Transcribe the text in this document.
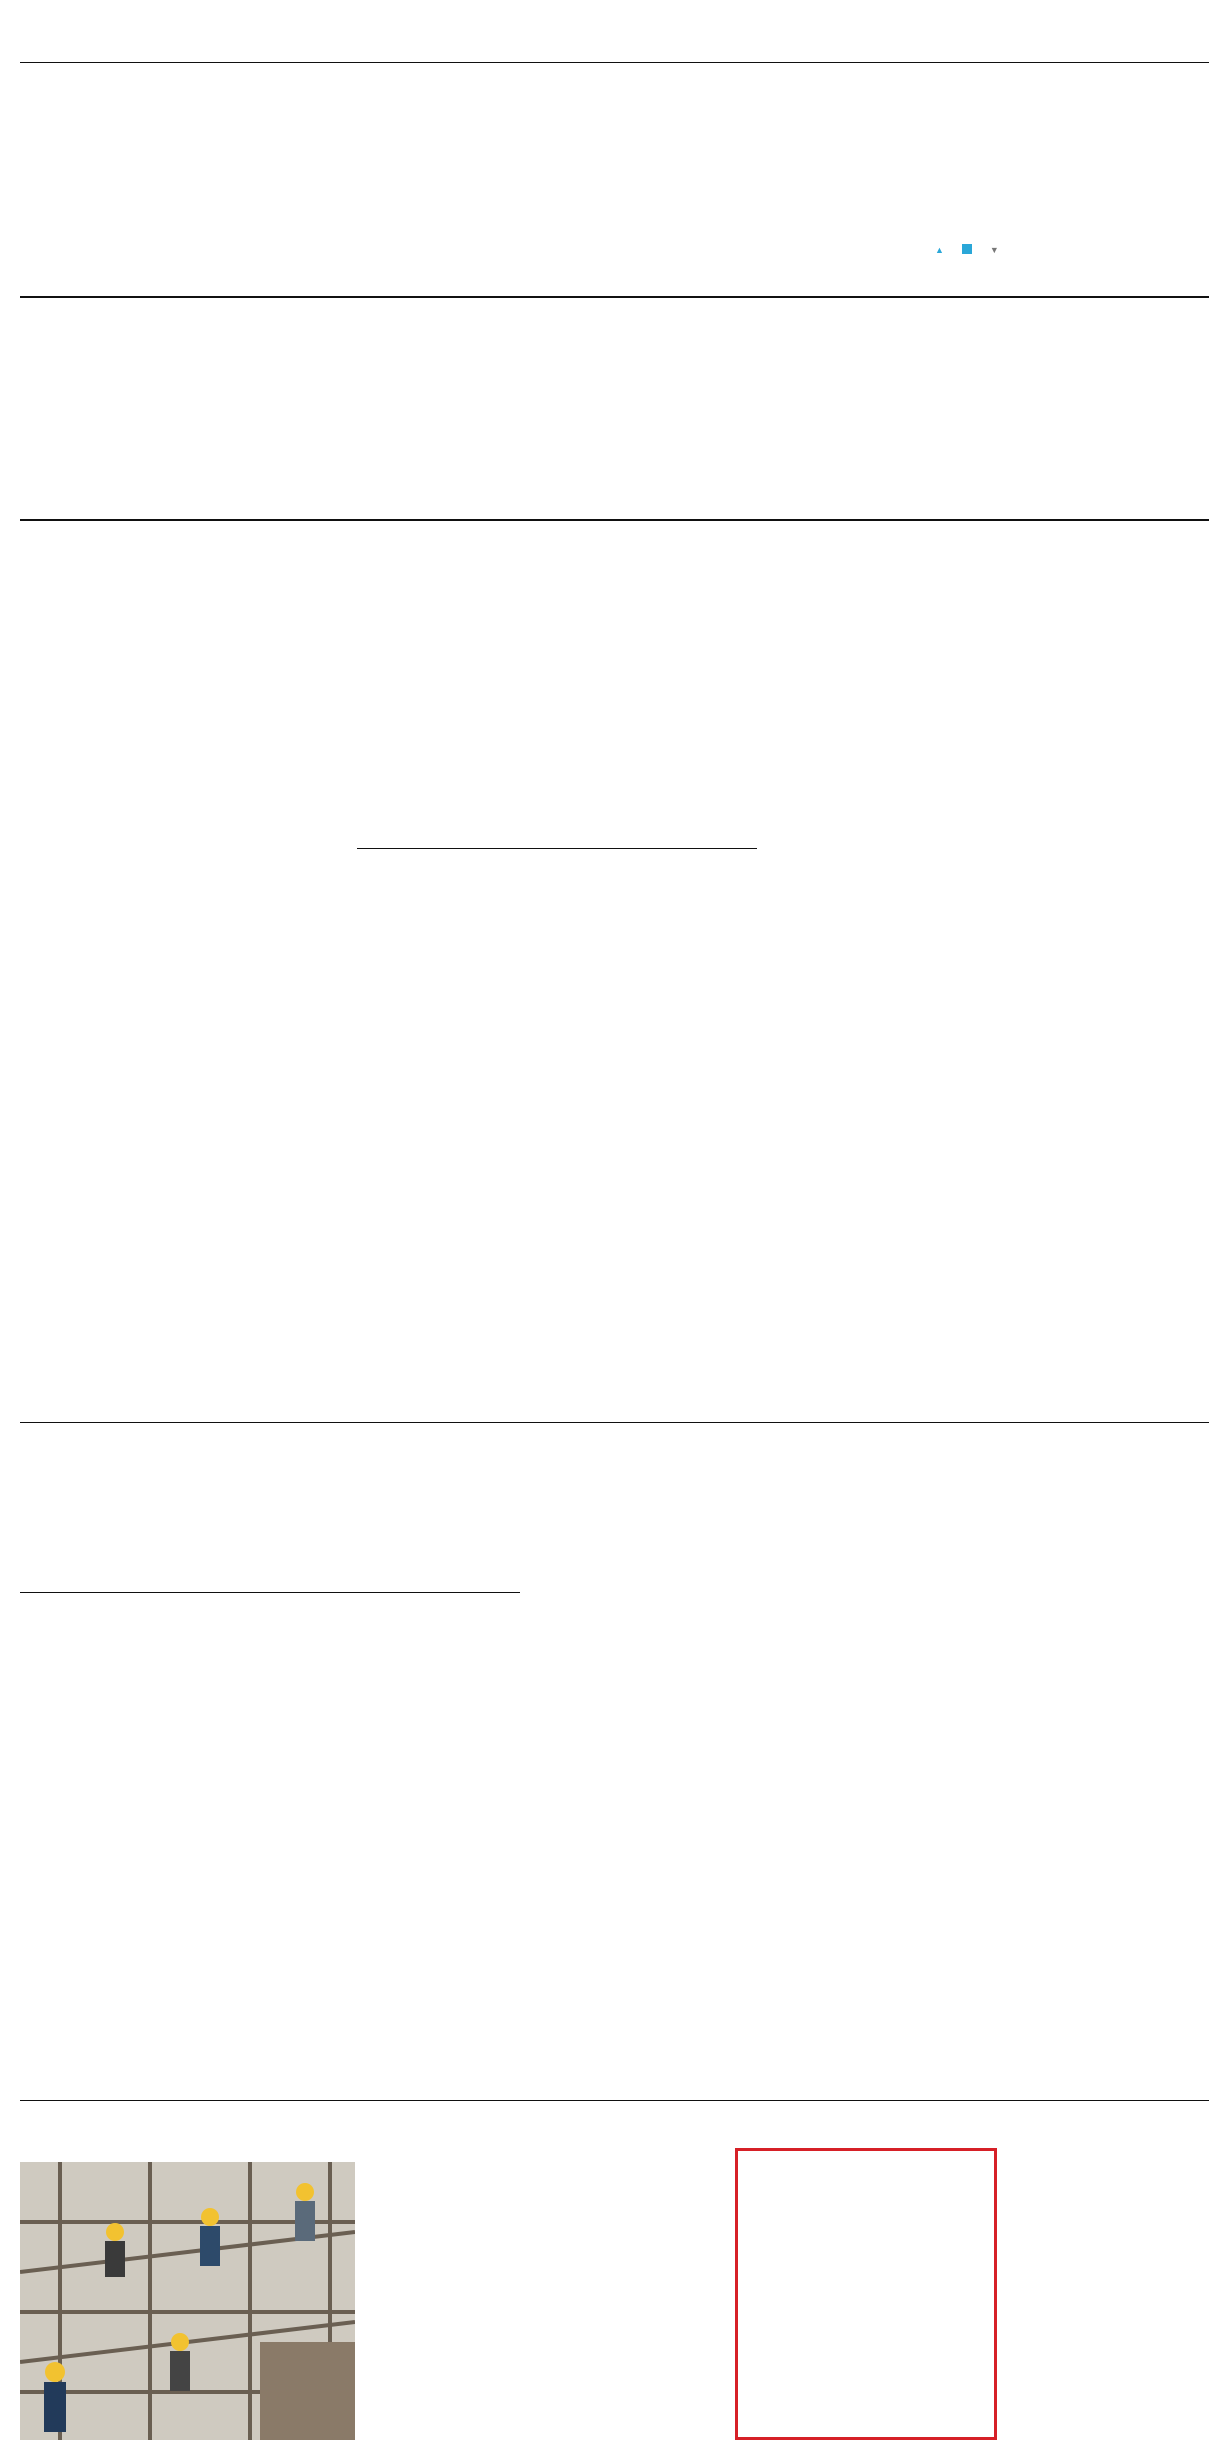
▲	▼
